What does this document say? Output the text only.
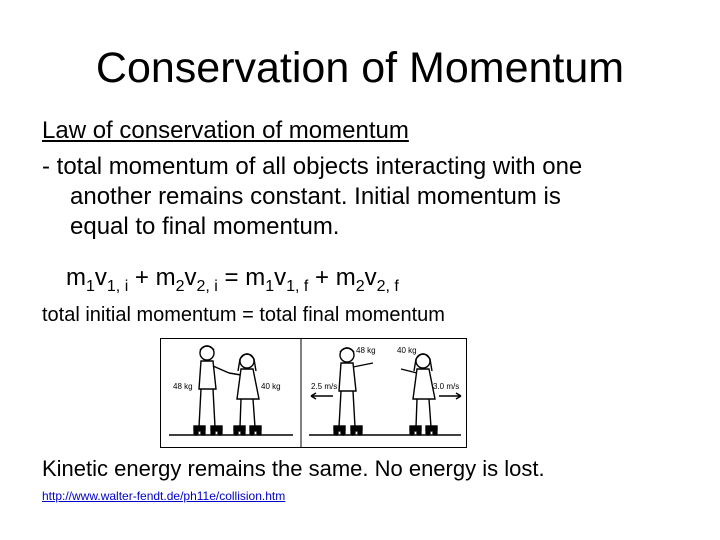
Conservation of Momentum
Law of conservation of momentum
- total momentum of all objects interacting with one
another remains constant. Initial momentum is
equal to final momentum.
$m_1v_{1, i} + m_2v_{2, i} = m_1v_{1, f} + m_2v_{2, f}$
total initial momentum = total final momentum
48 kg	40 kg
48 kg	40 kg
2.5 m/s	3.0 m/s
Kinetic energy remains the same. No energy is lost.
http://www.walter-fendt.de/ph11e/collision.htm
